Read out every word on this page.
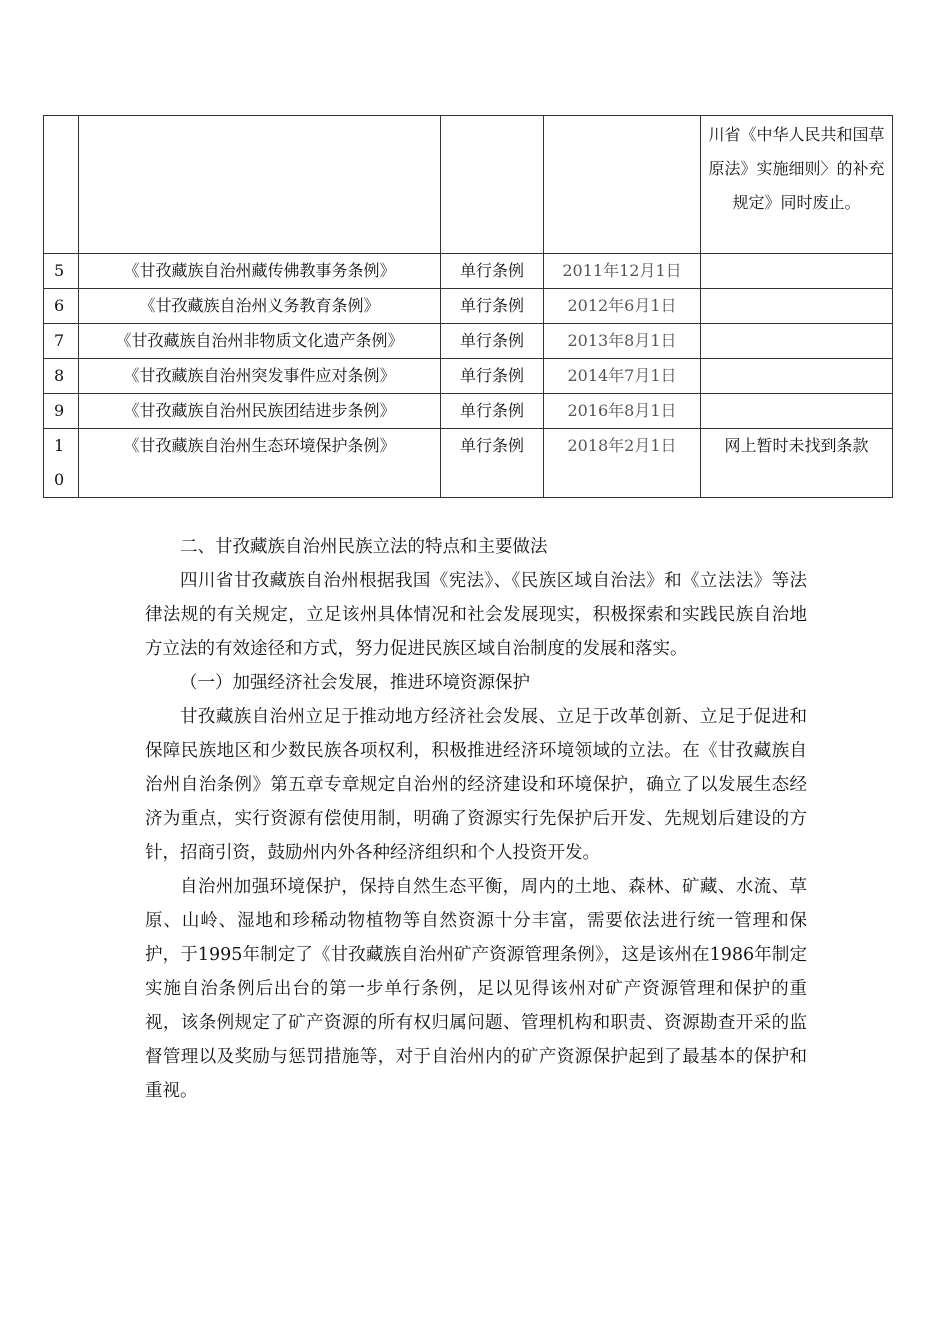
				川省《中华人民共和国草原法》实施细则〉的补充规定》同时废止。
5	《甘孜藏族自治州藏传佛教事务条例》	单行条例	2011年12月1日	
6	《甘孜藏族自治州义务教育条例》	单行条例	2012年6月1日	
7	《甘孜藏族自治州非物质文化遗产条例》	单行条例	2013年8月1日	
8	《甘孜藏族自治州突发事件应对条例》	单行条例	2014年7月1日	
9	《甘孜藏族自治州民族团结进步条例》	单行条例	2016年8月1日	

10	《甘孜藏族自治州生态环境保护条例》	单行条例	2018年2月1日	网上暂时未找到条款

二、甘孜藏族自治州民族立法的特点和主要做法

四川省甘孜藏族自治州根据我国《宪法》、《民族区域自治法》和《立法法》等法律法规的有关规定，立足该州具体情况和社会发展现实，积极探索和实践民族自治地方立法的有效途径和方式，努力促进民族区域自治制度的发展和落实。

（一）加强经济社会发展，推进环境资源保护

甘孜藏族自治州立足于推动地方经济社会发展、立足于改革创新、立足于促进和保障民族地区和少数民族各项权利，积极推进经济环境领域的立法。在《甘孜藏族自治州自治条例》第五章专章规定自治州的经济建设和环境保护，确立了以发展生态经济为重点，实行资源有偿使用制，明确了资源实行先保护后开发、先规划后建设的方针，招商引资，鼓励州内外各种经济组织和个人投资开发。

自治州加强环境保护，保持自然生态平衡，周内的土地、森林、矿藏、水流、草原、山岭、湿地和珍稀动物植物等自然资源十分丰富，需要依法进行统一管理和保护，于1995年制定了《甘孜藏族自治州矿产资源管理条例》，这是该州在1986年制定实施自治条例后出台的第一步单行条例，足以见得该州对矿产资源管理和保护的重视，该条例规定了矿产资源的所有权归属问题、管理机构和职责、资源勘查开采的监督管理以及奖励与惩罚措施等，对于自治州内的矿产资源保护起到了最基本的保护和重视。
